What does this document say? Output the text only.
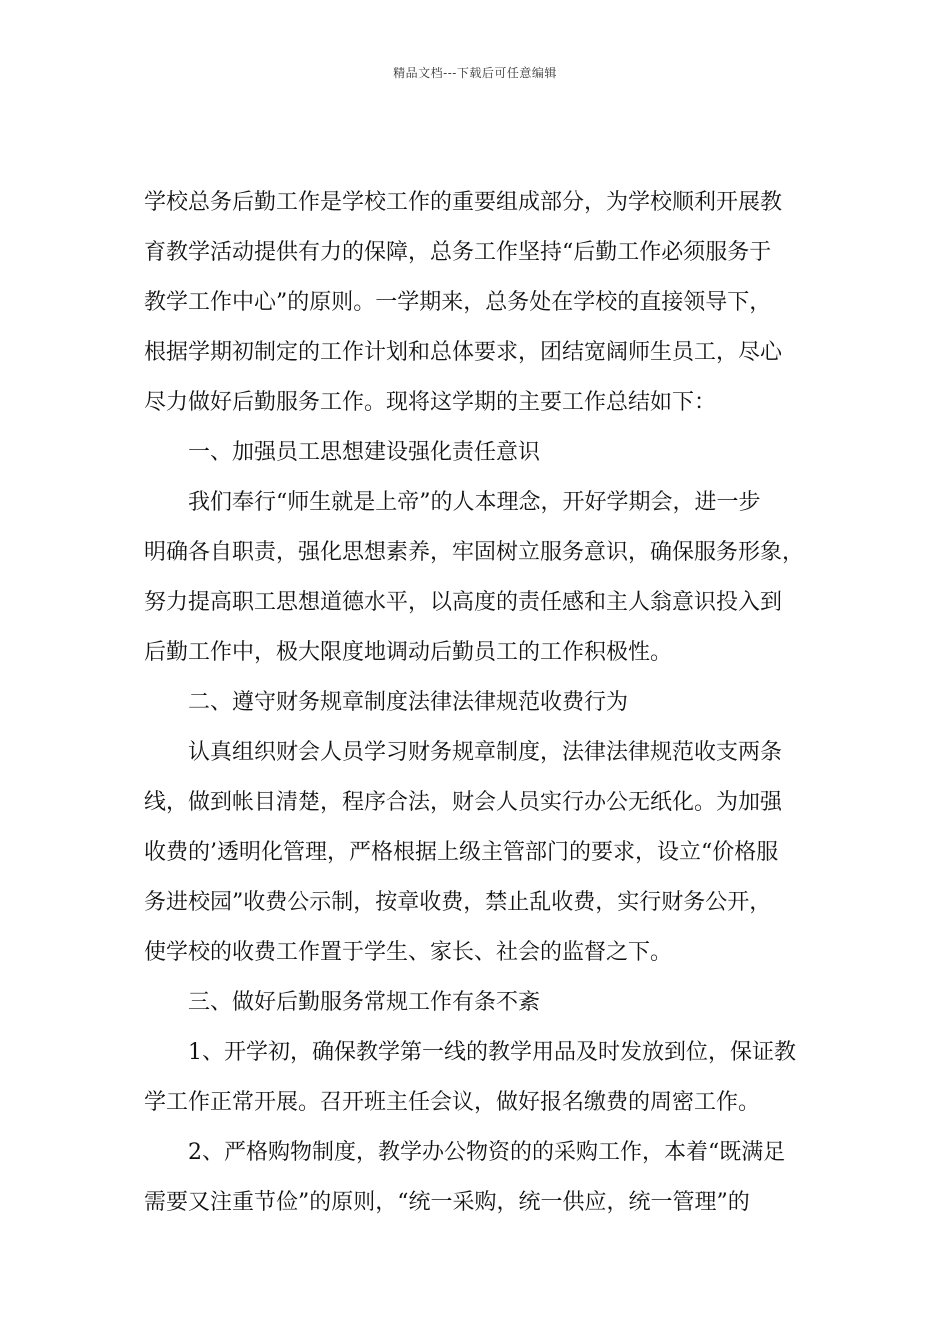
精品文档---下载后可任意编辑

学校总务后勤工作是学校工作的重要组成部分，为学校顺利开展教

育教学活动提供有力的保障，总务工作坚持“后勤工作必须服务于

教学工作中心”的原则。一学期来，总务处在学校的直接领导下，

根据学期初制定的工作计划和总体要求，团结宽阔师生员工，尽心

尽力做好后勤服务工作。现将这学期的主要工作总结如下：

一、加强员工思想建设强化责任意识

我们奉行“师生就是上帝”的人本理念，开好学期会，进一步

明确各自职责，强化思想素养，牢固树立服务意识，确保服务形象，

努力提高职工思想道德水平，以高度的责任感和主人翁意识投入到

后勤工作中，极大限度地调动后勤员工的工作积极性。

二、遵守财务规章制度法律法律规范收费行为

认真组织财会人员学习财务规章制度，法律法律规范收支两条

线，做到帐目清楚，程序合法，财会人员实行办公无纸化。为加强

收费的’透明化管理，严格根据上级主管部门的要求，设立“价格服

务进校园”收费公示制，按章收费，禁止乱收费，实行财务公开，

使学校的收费工作置于学生、家长、社会的监督之下。

三、做好后勤服务常规工作有条不紊

1、开学初，确保教学第一线的教学用品及时发放到位，保证教

学工作正常开展。召开班主任会议，做好报名缴费的周密工作。

2、严格购物制度，教学办公物资的的采购工作，本着“既满足

需要又注重节俭”的原则，“统一采购，统一供应，统一管理”的
